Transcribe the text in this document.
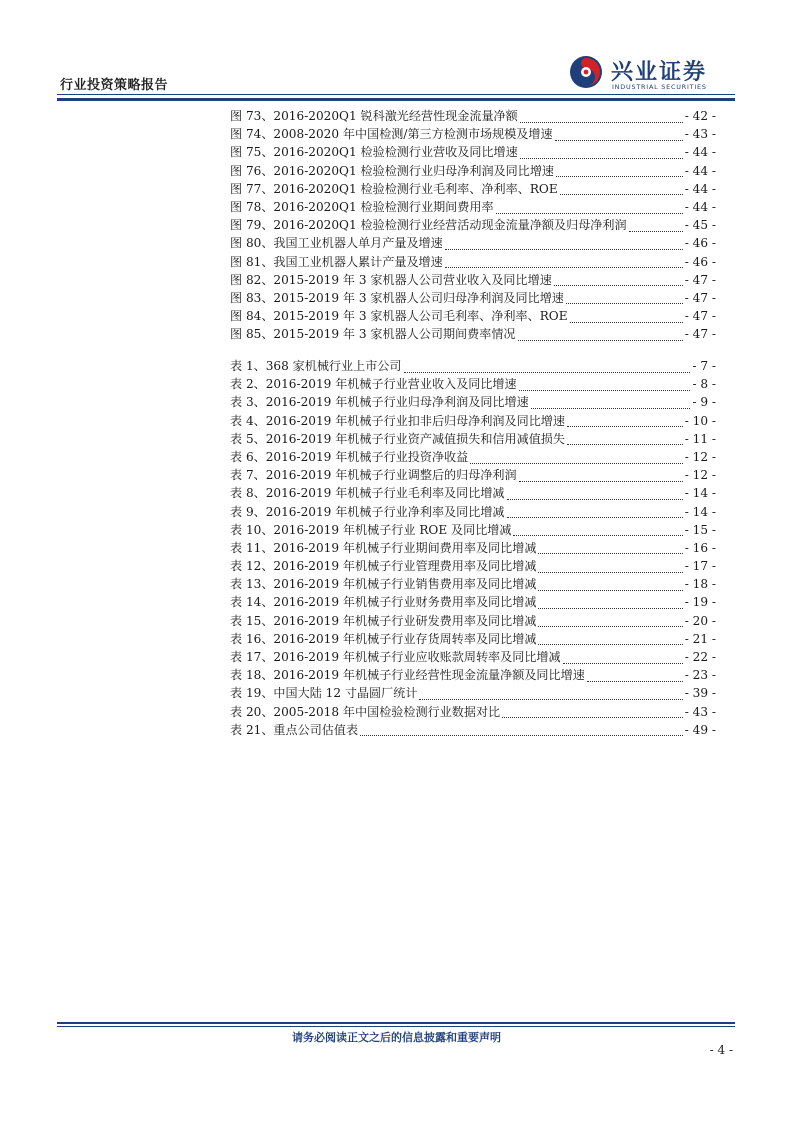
行业投资策略报告
兴业证券
INDUSTRIAL SECURITIES
图 73、2016-2020Q1 锐科激光经营性现金流量净额	- 42 -
图 74、2008-2020 年中国检测/第三方检测市场规模及增速	- 43 -
图 75、2016-2020Q1 检验检测行业营收及同比增速	- 44 -
图 76、2016-2020Q1 检验检测行业归母净利润及同比增速	- 44 -
图 77、2016-2020Q1 检验检测行业毛利率、净利率、ROE	- 44 -
图 78、2016-2020Q1 检验检测行业期间费用率	- 44 -
图 79、2016-2020Q1 检验检测行业经营活动现金流量净额及归母净利润	- 45 -
图 80、我国工业机器人单月产量及增速	- 46 -
图 81、我国工业机器人累计产量及增速	- 46 -
图 82、2015-2019 年 3 家机器人公司营业收入及同比增速	- 47 -
图 83、2015-2019 年 3 家机器人公司归母净利润及同比增速	- 47 -
图 84、2015-2019 年 3 家机器人公司毛利率、净利率、ROE	- 47 -
图 85、2015-2019 年 3 家机器人公司期间费率情况	- 47 -
表 1、368 家机械行业上市公司	- 7 -
表 2、2016-2019 年机械子行业营业收入及同比增速	- 8 -
表 3、2016-2019 年机械子行业归母净利润及同比增速	- 9 -
表 4、2016-2019 年机械子行业扣非后归母净利润及同比增速	- 10 -
表 5、2016-2019 年机械子行业资产减值损失和信用减值损失	- 11 -
表 6、2016-2019 年机械子行业投资净收益	- 12 -
表 7、2016-2019 年机械子行业调整后的归母净利润	- 12 -
表 8、2016-2019 年机械子行业毛利率及同比增减	- 14 -
表 9、2016-2019 年机械子行业净利率及同比增减	- 14 -
表 10、2016-2019 年机械子行业 ROE 及同比增减	- 15 -
表 11、2016-2019 年机械子行业期间费用率及同比增减	- 16 -
表 12、2016-2019 年机械子行业管理费用率及同比增减	- 17 -
表 13、2016-2019 年机械子行业销售费用率及同比增减	- 18 -
表 14、2016-2019 年机械子行业财务费用率及同比增减	- 19 -
表 15、2016-2019 年机械子行业研发费用率及同比增减	- 20 -
表 16、2016-2019 年机械子行业存货周转率及同比增减	- 21 -
表 17、2016-2019 年机械子行业应收账款周转率及同比增减	- 22 -
表 18、2016-2019 年机械子行业经营性现金流量净额及同比增速	- 23 -
表 19、中国大陆 12 寸晶圆厂统计	- 39 -
表 20、2005-2018 年中国检验检测行业数据对比	- 43 -
表 21、重点公司估值表	- 49 -
请务必阅读正文之后的信息披露和重要声明
- 4 -
